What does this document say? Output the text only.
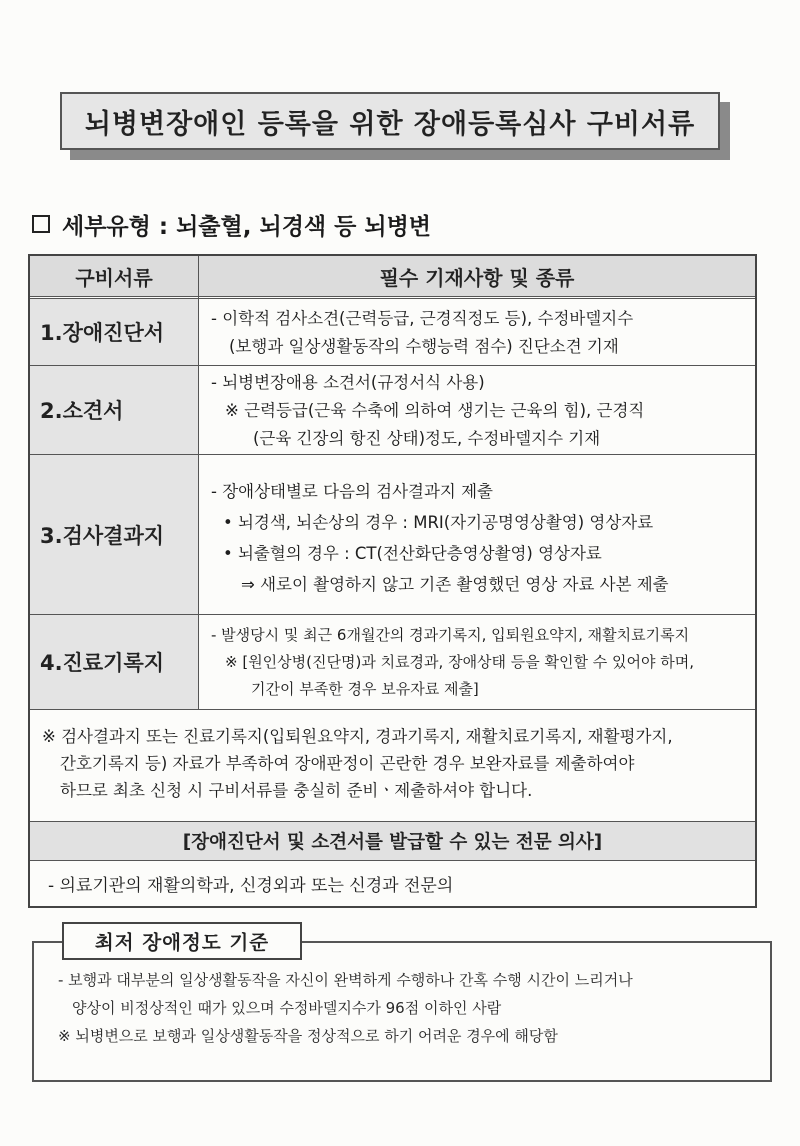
뇌병변장애인 등록을 위한 장애등록심사 구비서류
세부유형 : 뇌출혈, 뇌경색 등 뇌병변
구비서류	필수 기재사항 및 종류
1.장애진단서
- 이학적 검사소견(근력등급, 근경직정도 등), 수정바델지수
(보행과 일상생활동작의 수행능력 점수) 진단소견 기재
2.소견서
- 뇌병변장애용 소견서(규정서식 사용)
※ 근력등급(근육 수축에 의하여 생기는 근육의 힘), 근경직
(근육 긴장의 항진 상태)정도, 수정바델지수 기재
3.검사결과지
- 장애상태별로 다음의 검사결과지 제출
• 뇌경색, 뇌손상의 경우 : MRI(자기공명영상촬영) 영상자료
• 뇌출혈의 경우 : CT(전산화단층영상촬영) 영상자료
⇒ 새로이 촬영하지 않고 기존 촬영했던 영상 자료 사본 제출
4.진료기록지
- 발생당시 및 최근 6개월간의 경과기록지, 입퇴원요약지, 재활치료기록지
※ [원인상병(진단명)과 치료경과, 장애상태 등을 확인할 수 있어야 하며,
기간이 부족한 경우 보유자료 제출]
※ 검사결과지 또는 진료기록지(입퇴원요약지, 경과기록지, 재활치료기록지, 재활평가지,
간호기록지 등) 자료가 부족하여 장애판정이 곤란한 경우 보완자료를 제출하여야
하므로 최초 신청 시 구비서류를 충실히 준비ㆍ제출하셔야 합니다.
[장애진단서 및 소견서를 발급할 수 있는 전문 의사]
- 의료기관의 재활의학과, 신경외과 또는 신경과 전문의
최저 장애정도 기준
- 보행과 대부분의 일상생활동작을 자신이 완벽하게 수행하나 간혹 수행 시간이 느리거나
양상이 비정상적인 때가 있으며 수정바델지수가 96점 이하인 사람
※ 뇌병변으로 보행과 일상생활동작을 정상적으로 하기 어려운 경우에 해당함
